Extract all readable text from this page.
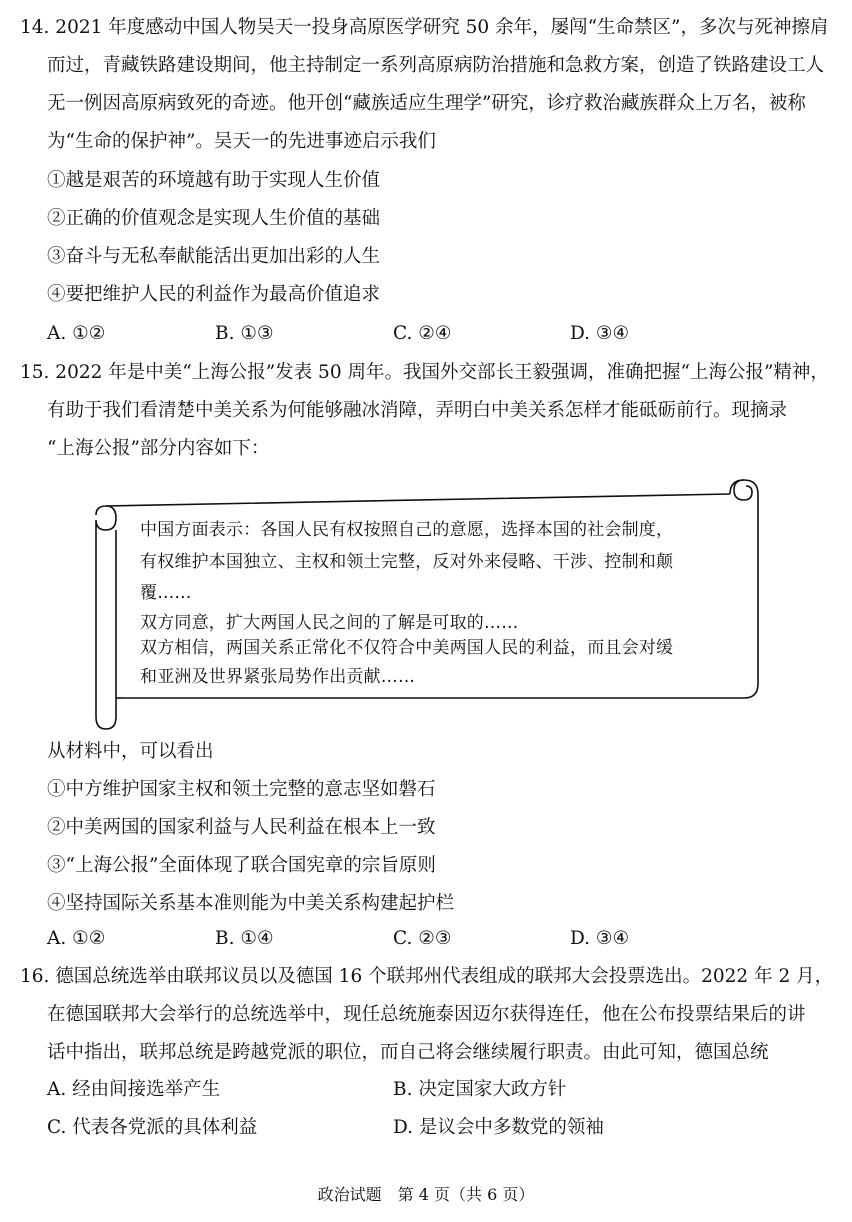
14. 2021 年度感动中国人物吴天一投身高原医学研究 50 余年，屡闯“生命禁区”，多次与死神擦肩
而过，青藏铁路建设期间，他主持制定一系列高原病防治措施和急救方案，创造了铁路建设工人
无一例因高原病致死的奇迹。他开创“藏族适应生理学”研究，诊疗救治藏族群众上万名，被称
为“生命的保护神”。吴天一的先进事迹启示我们
①越是艰苦的环境越有助于实现人生价值
②正确的价值观念是实现人生价值的基础
③奋斗与无私奉献能活出更加出彩的人生
④要把维护人民的利益作为最高价值追求
A. ①②	B. ①③	C. ②④	D. ③④
15. 2022 年是中美“上海公报”发表 50 周年。我国外交部长王毅强调，准确把握“上海公报”精神，
有助于我们看清楚中美关系为何能够融冰消障，弄明白中美关系怎样才能砥砺前行。现摘录
“上海公报”部分内容如下：
中国方面表示：各国人民有权按照自己的意愿，选择本国的社会制度，
有权维护本国独立、主权和领土完整，反对外来侵略、干涉、控制和颠
覆……
双方同意，扩大两国人民之间的了解是可取的……
双方相信，两国关系正常化不仅符合中美两国人民的利益，而且会对缓
和亚洲及世界紧张局势作出贡献……
从材料中，可以看出
①中方维护国家主权和领土完整的意志坚如磐石
②中美两国的国家利益与人民利益在根本上一致
③“上海公报”全面体现了联合国宪章的宗旨原则
④坚持国际关系基本准则能为中美关系构建起护栏
A. ①②	B. ①④	C. ②③	D. ③④
16. 德国总统选举由联邦议员以及德国 16 个联邦州代表组成的联邦大会投票选出。2022 年 2 月，
在德国联邦大会举行的总统选举中，现任总统施泰因迈尔获得连任，他在公布投票结果后的讲
话中指出，联邦总统是跨越党派的职位，而自己将会继续履行职责。由此可知，德国总统
A. 经由间接选举产生	B. 决定国家大政方针
C. 代表各党派的具体利益	D. 是议会中多数党的领袖
政治试题　第 4 页（共 6 页）
